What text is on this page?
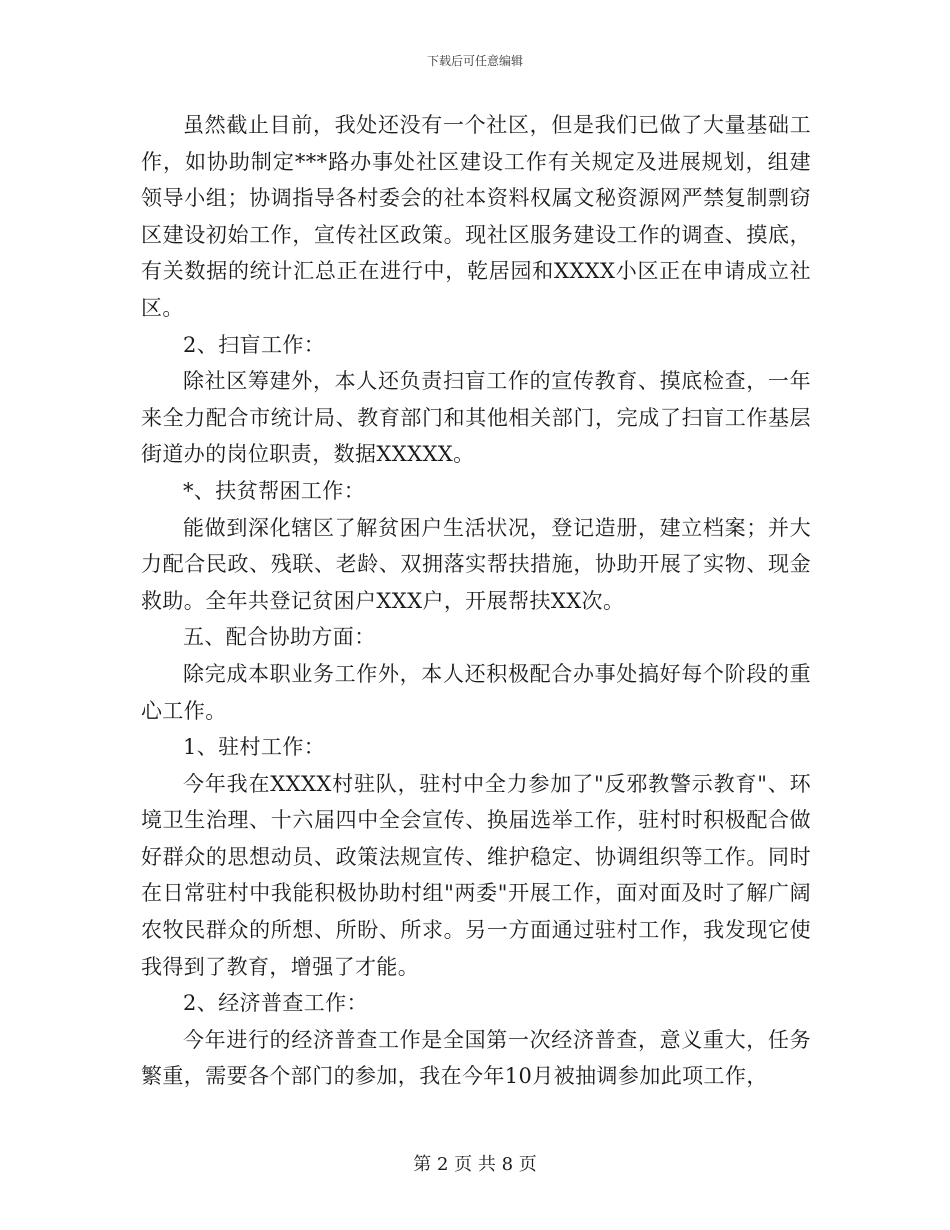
下载后可任意编辑

虽然截止目前，我处还没有一个社区，但是我们已做了大量基础工作，如协助制定***路办事处社区建设工作有关规定及进展规划，组建领导小组；协调指导各村委会的社本资料权属文秘资源网严禁复制剽窃区建设初始工作，宣传社区政策。现社区服务建设工作的调查、摸底，有关数据的统计汇总正在进行中，乾居园和XXXX小区正在申请成立社区。

2、扫盲工作：

除社区筹建外，本人还负责扫盲工作的宣传教育、摸底检查，一年来全力配合市统计局、教育部门和其他相关部门，完成了扫盲工作基层街道办的岗位职责，数据XXXXX。

*、扶贫帮困工作：

能做到深化辖区了解贫困户生活状况，登记造册，建立档案；并大力配合民政、残联、老龄、双拥落实帮扶措施，协助开展了实物、现金救助。全年共登记贫困户XXX户，开展帮扶XX次。

五、配合协助方面：

除完成本职业务工作外，本人还积极配合办事处搞好每个阶段的重心工作。

1、驻村工作：

今年我在XXXX村驻队，驻村中全力参加了"反邪教警示教育"、环境卫生治理、十六届四中全会宣传、换届选举工作，驻村时积极配合做好群众的思想动员、政策法规宣传、维护稳定、协调组织等工作。同时在日常驻村中我能积极协助村组"两委"开展工作，面对面及时了解广阔农牧民群众的所想、所盼、所求。另一方面通过驻村工作，我发现它使我得到了教育，增强了才能。

2、经济普查工作：

今年进行的经济普查工作是全国第一次经济普查，意义重大，任务繁重，需要各个部门的参加，我在今年10月被抽调参加此项工作，

第 2 页 共 8 页
